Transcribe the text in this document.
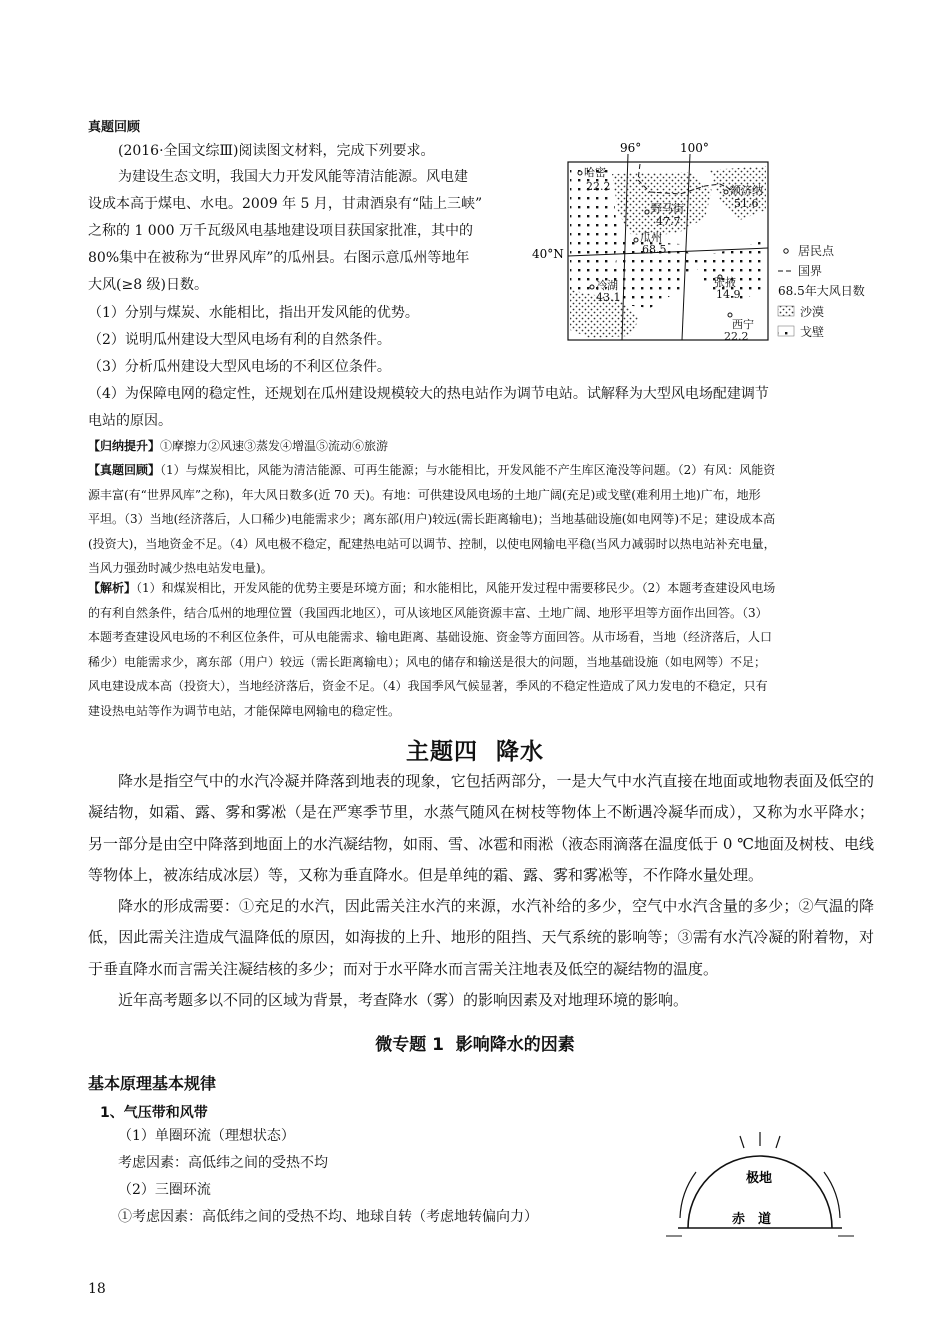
真题回顾
(2016·全国文综Ⅲ)阅读图文材料，完成下列要求。
为建设生态文明，我国大力开发风能等清洁能源。风电建
设成本高于煤电、水电。2009 年 5 月，甘肃酒泉有“陆上三峡”
之称的 1 000 万千瓦级风电基地建设项目获国家批准，其中的
80%集中在被称为“世界风库”的瓜州县。右图示意瓜州等地年
大风(≥8 级)日数。
（1）分别与煤炭、水能相比，指出开发风能的优势。
（2）说明瓜州建设大型风电场有利的自然条件。
（3）分析瓜州建设大型风电场的不利区位条件。
（4）为保障电网的稳定性，还规划在瓜州建设规模较大的热电站作为调节电站。试解释为大型风电场配建调节
电站的原因。
96°	100°
40°N
哈密
22.2
野马街
47.7
额济纳
51.6
瓜州
68.5
冷湖
43.1
张掖
14.9
西宁
22.2
居民点
国界
68.5年大风日数
沙漠
戈壁
【归纳提升】①摩擦力②风速③蒸发④增温⑤流动⑥旅游
【真题回顾】（1）与煤炭相比，风能为清洁能源、可再生能源；与水能相比，开发风能不产生库区淹没等问题。（2）有风：风能资
源丰富(有“世界风库”之称)，年大风日数多(近 70 天)。有地：可供建设风电场的土地广阔(充足)或戈壁(难利用土地)广布，地形
平坦。（3）当地(经济落后，人口稀少)电能需求少；离东部(用户)较远(需长距离输电)；当地基础设施(如电网等)不足；建设成本高
(投资大)，当地资金不足。（4）风电极不稳定，配建热电站可以调节、控制，以使电网输电平稳(当风力减弱时以热电站补充电量，
当风力强劲时减少热电站发电量)。
【解析】（1）和煤炭相比，开发风能的优势主要是环境方面；和水能相比，风能开发过程中需要移民少。（2）本题考查建设风电场
的有利自然条件，结合瓜州的地理位置（我国西北地区），可从该地区风能资源丰富、土地广阔、地形平坦等方面作出回答。（3）
本题考查建设风电场的不利区位条件，可从电能需求、输电距离、基础设施、资金等方面回答。从市场看，当地（经济落后，人口
稀少）电能需求少，离东部（用户）较远（需长距离输电）；风电的储存和输送是很大的问题，当地基础设施（如电网等）不足；
风电建设成本高（投资大），当地经济落后，资金不足。（4）我国季风气候显著，季风的不稳定性造成了风力发电的不稳定，只有
建设热电站等作为调节电站，才能保障电网输电的稳定性。
主题四  降水

降水是指空气中的水汽冷凝并降落到地表的现象，它包括两部分，一是大气中水汽直接在地面或地物表面及低空的凝结物，如霜、露、雾和雾凇（是在严寒季节里，水蒸气随风在树枝等物体上不断遇冷凝华而成），又称为水平降水；另一部分是由空中降落到地面上的水汽凝结物，如雨、雪、冰雹和雨淞（液态雨滴落在温度低于 0 ℃地面及树枝、电线等物体上，被冻结成冰层）等，又称为垂直降水。但是单纯的霜、露、雾和雾凇等，不作降水量处理。

降水的形成需要：①充足的水汽，因此需关注水汽的来源，水汽补给的多少，空气中水汽含量的多少；②气温的降低，因此需关注造成气温降低的原因，如海拔的上升、地形的阻挡、天气系统的影响等；③需有水汽冷凝的附着物，对于垂直降水而言需关注凝结核的多少；而对于水平降水而言需关注地表及低空的凝结物的温度。

近年高考题多以不同的区域为背景，考查降水（雾）的影响因素及对地理环境的影响。

微专题 1  影响降水的因素
基本原理基本规律
1、气压带和风带
（1）单圈环流（理想状态）
考虑因素：高低纬之间的受热不均
（2）三圈环流
①考虑因素：高低纬之间的受热不均、地球自转（考虑地转偏向力）
极地
赤　道
18
